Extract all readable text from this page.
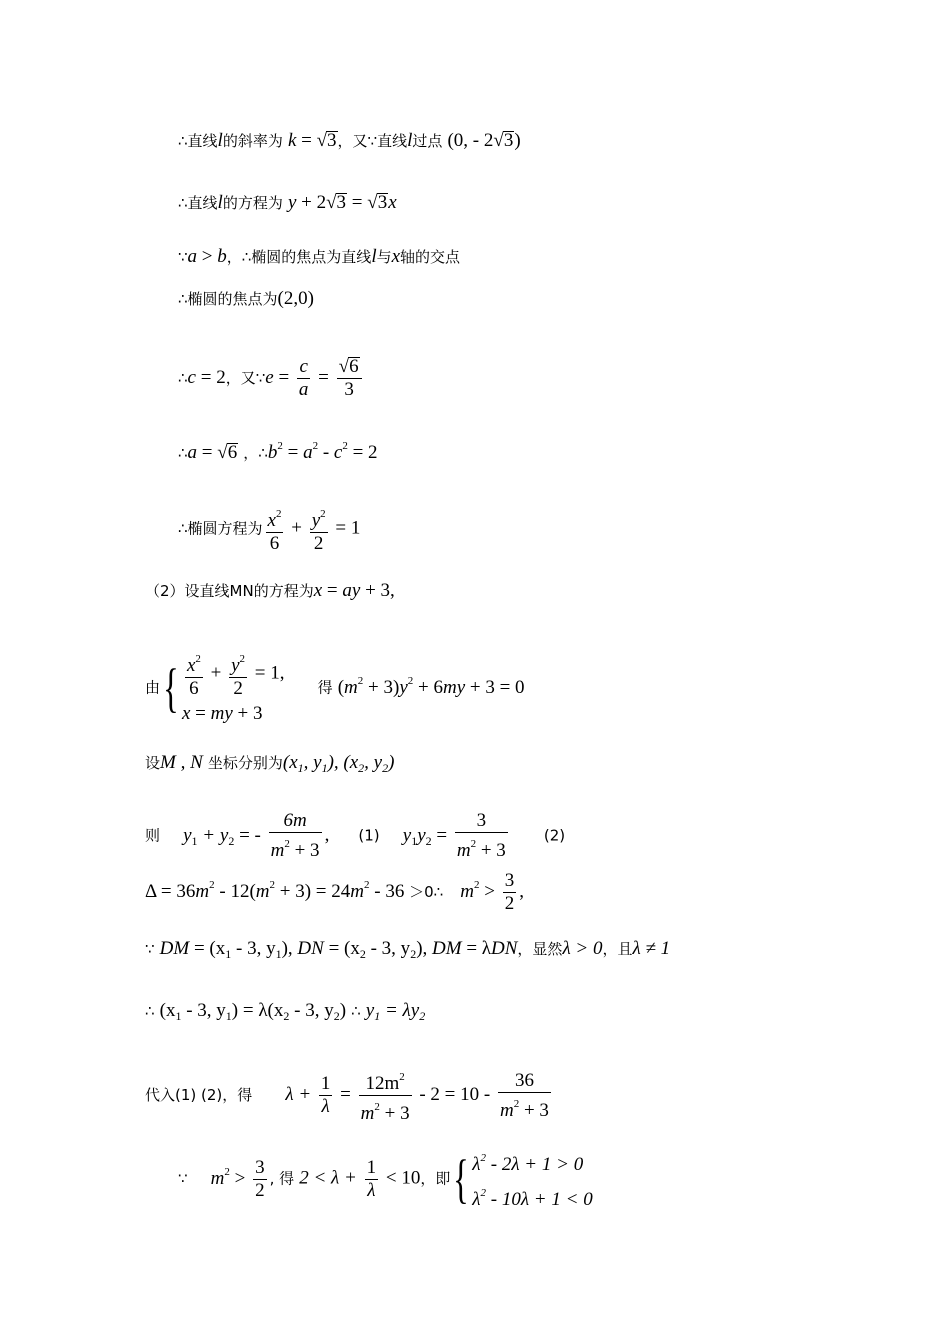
∴直线l的斜率为 k = √3，又∵直线l过点 (0, - 2√3)
∴直线l的方程为 y + 2√3 = √3x
∵a > b，∴椭圆的焦点为直线l与x轴的交点
∴椭圆的焦点为(2,0)
∴c = 2，又∵e = $\frac{c}{a} = \frac{√6}{3}$
∴a = √6 ，$\therefore b^2 = a^2 - c^2 = 2$
∴椭圆方程为 $\frac{x^2}{6} + \frac{y^2}{2} = 1$
（2）设直线MN的方程为x = ay + 3,
由{ $\frac{x^2}{6} + \frac{y^2}{2} = 1$,
x = my + 3
得 $(m^2 + 3)y^2 + 6my + 3 = 0$
设M , N 坐标分别为($x_1$, $y_1$), ($x_2$, $y_2$)
则 $y_1 + y_2$ = - $\frac{6m}{m^2 + 3}$ , (1) $y_1y_2 = \frac{3}{m^2 + 3} (2)$
$\Delta = 36m^2 - 12(m^2 + 3) = 24m^2 - 36$ ＞0∴ $m^2 > \frac{3}{2}$ ,
∵ DM = ($x_1 - 3$, $y_1$), DN = ($x_2 - 3$, $y_2$), DM = λDN，显然λ > 0，且λ ≠ 1
∴ ($x_1 - 3$, $y_1) = \lambda(x_2 - 3$, $y_2$) ∴ $y_1 = \lambda y_2$
代入(1) (2)，得 $\lambda + \frac{1}{\lambda} = \frac{12m^2}{m^2 + 3} - 2 = 10 - \frac{36}{m^2 + 3}$
∵ $m^2 > \frac{3}{2}$ , 得 $2 < \lambda + \frac{1}{\lambda} < 10$，即{ $\lambda^2 - 2\lambda + 1 > 0$
$\lambda^2 - 10\lambda + 1 < 0$
